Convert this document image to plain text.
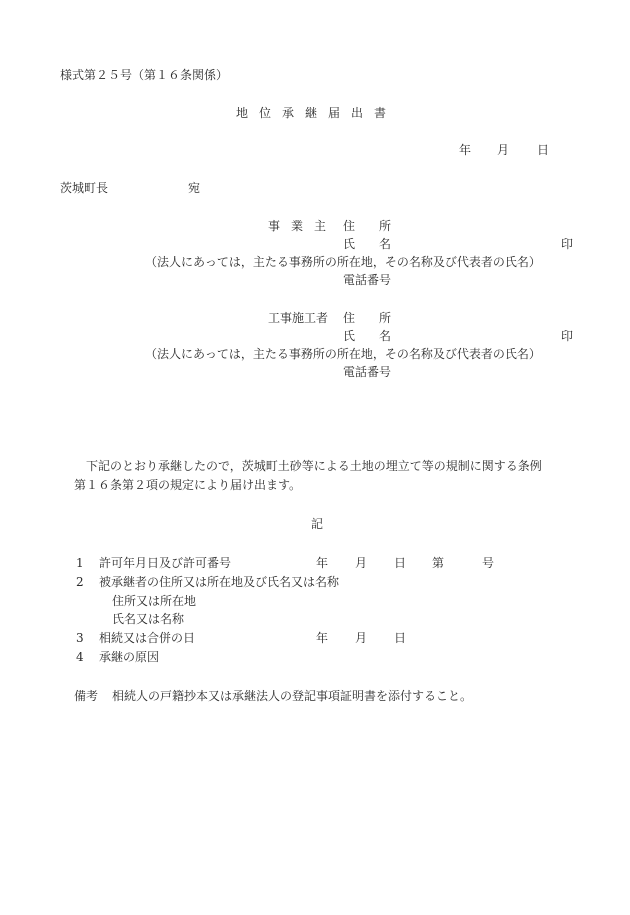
様式第２５号（第１６条関係）
地位承継届出書
年 月 日
茨城町長	宛
事業主 住　　所
氏　　名	印
（法人にあっては，主たる事務所の所在地，その名称及び代表者の氏名）
電話番号
工事施工者 住　　所
氏　　名	印
（法人にあっては，主たる事務所の所在地，その名称及び代表者の氏名）
電話番号
下記のとおり承継したので，茨城町土砂等による土地の埋立て等の規制に関する条例
第１６条第２項の規定により届け出ます。
記
1 許可年月日及び許可番号	年 月 日 第	号
2 被承継者の住所又は所在地及び氏名又は名称
住所又は所在地
氏名又は名称
3 相続又は合併の日	年 月 日
4 承継の原因
備考 相続人の戸籍抄本又は承継法人の登記事項証明書を添付すること。
